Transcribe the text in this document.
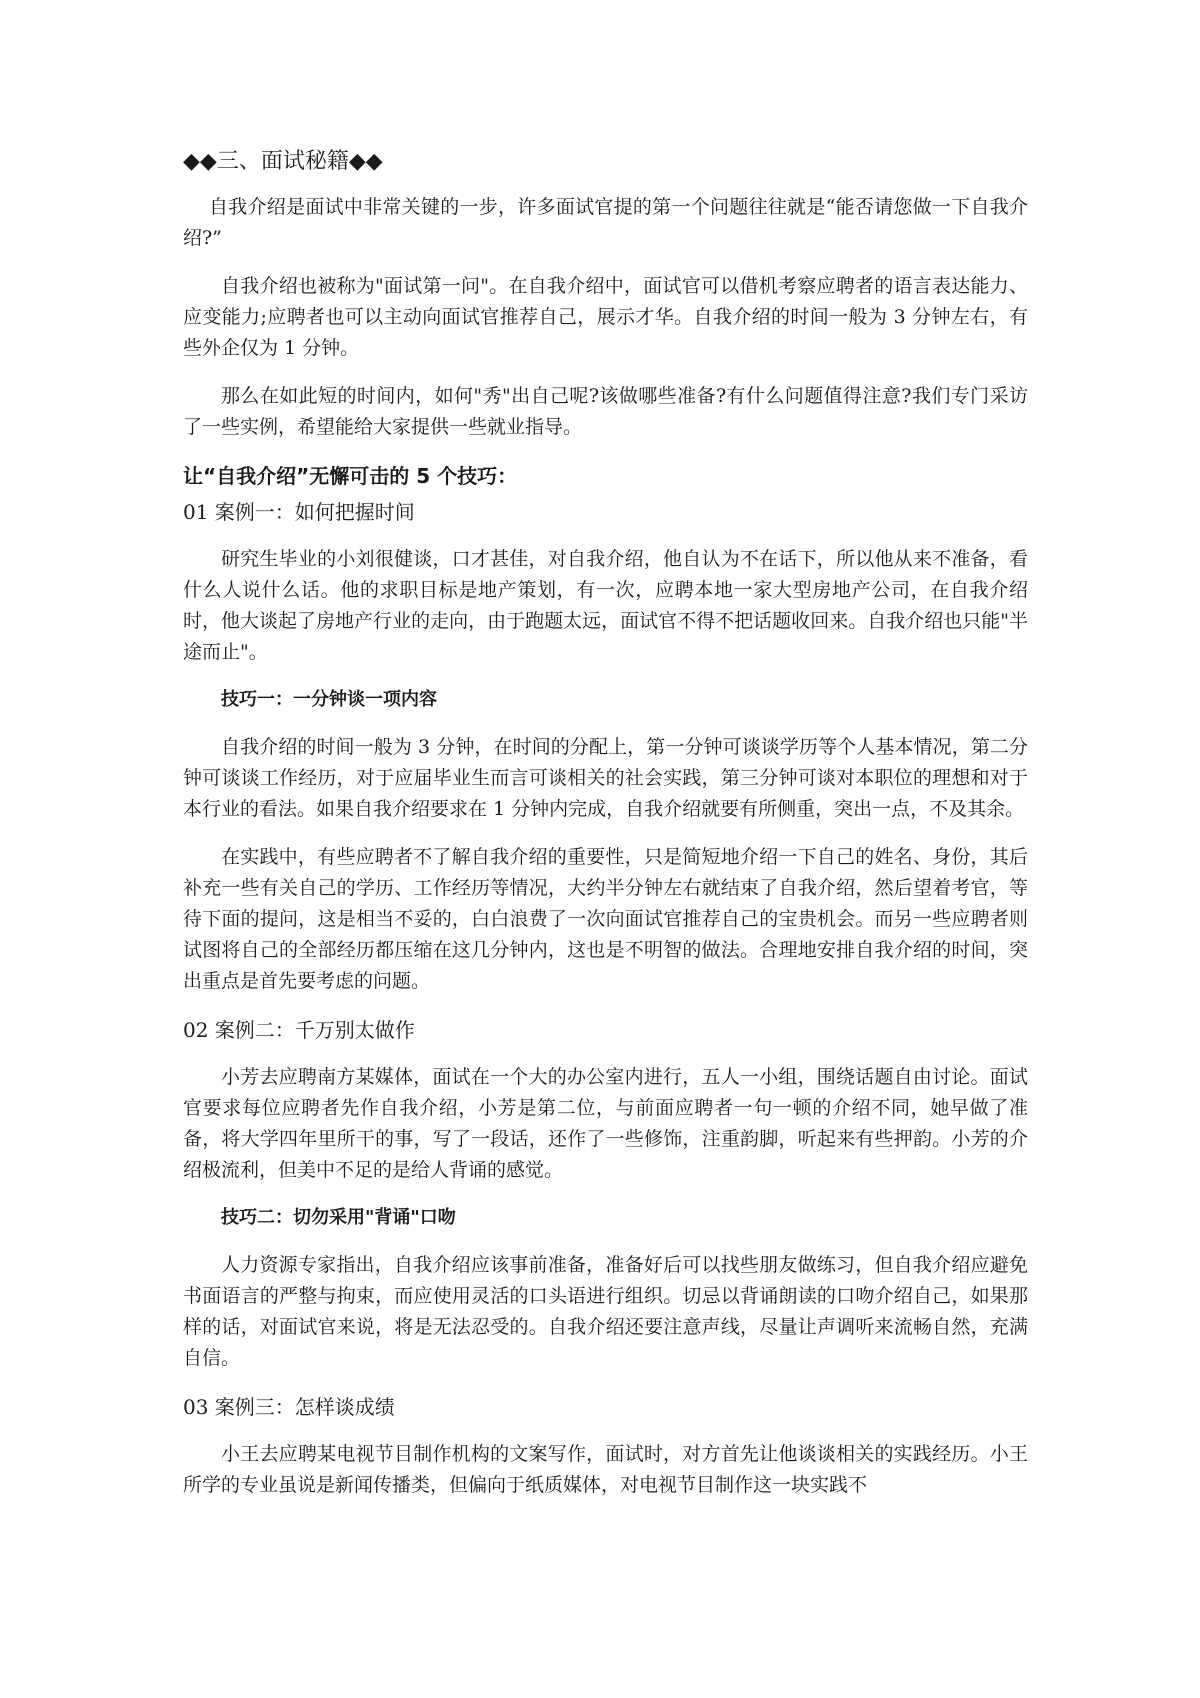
◆◆三、面试秘籍◆◆

自我介绍是面试中非常关键的一步，许多面试官提的第一个问题往往就是“能否请您做一下自我介绍?”

自我介绍也被称为"面试第一问"。在自我介绍中，面试官可以借机考察应聘者的语言表达能力、应变能力;应聘者也可以主动向面试官推荐自己，展示才华。自我介绍的时间一般为 3 分钟左右，有些外企仅为 1 分钟。

那么在如此短的时间内，如何"秀"出自己呢?该做哪些准备?有什么问题值得注意?我们专门采访了一些实例，希望能给大家提供一些就业指导。

让“自我介绍”无懈可击的 5 个技巧：
01 案例一：如何把握时间

研究生毕业的小刘很健谈，口才甚佳，对自我介绍，他自认为不在话下，所以他从来不准备，看什么人说什么话。他的求职目标是地产策划，有一次，应聘本地一家大型房地产公司，在自我介绍时，他大谈起了房地产行业的走向，由于跑题太远，面试官不得不把话题收回来。自我介绍也只能"半途而止"。

技巧一：一分钟谈一项内容

自我介绍的时间一般为 3 分钟，在时间的分配上，第一分钟可谈谈学历等个人基本情况，第二分钟可谈谈工作经历，对于应届毕业生而言可谈相关的社会实践，第三分钟可谈对本职位的理想和对于本行业的看法。如果自我介绍要求在 1 分钟内完成，自我介绍就要有所侧重，突出一点，不及其余。

在实践中，有些应聘者不了解自我介绍的重要性，只是简短地介绍一下自己的姓名、身份，其后补充一些有关自己的学历、工作经历等情况，大约半分钟左右就结束了自我介绍，然后望着考官，等待下面的提问，这是相当不妥的，白白浪费了一次向面试官推荐自己的宝贵机会。而另一些应聘者则试图将自己的全部经历都压缩在这几分钟内，这也是不明智的做法。合理地安排自我介绍的时间，突出重点是首先要考虑的问题。

02 案例二：千万别太做作

小芳去应聘南方某媒体，面试在一个大的办公室内进行，五人一小组，围绕话题自由讨论。面试官要求每位应聘者先作自我介绍，小芳是第二位，与前面应聘者一句一顿的介绍不同，她早做了准备，将大学四年里所干的事，写了一段话，还作了一些修饰，注重韵脚，听起来有些押韵。小芳的介绍极流利，但美中不足的是给人背诵的感觉。

技巧二：切勿采用"背诵"口吻

人力资源专家指出，自我介绍应该事前准备，准备好后可以找些朋友做练习，但自我介绍应避免书面语言的严整与拘束，而应使用灵活的口头语进行组织。切忌以背诵朗读的口吻介绍自己，如果那样的话，对面试官来说，将是无法忍受的。自我介绍还要注意声线，尽量让声调听来流畅自然，充满自信。

03 案例三：怎样谈成绩

小王去应聘某电视节目制作机构的文案写作，面试时，对方首先让他谈谈相关的实践经历。小王所学的专业虽说是新闻传播类，但偏向于纸质媒体，对电视节目制作这一块实践不
